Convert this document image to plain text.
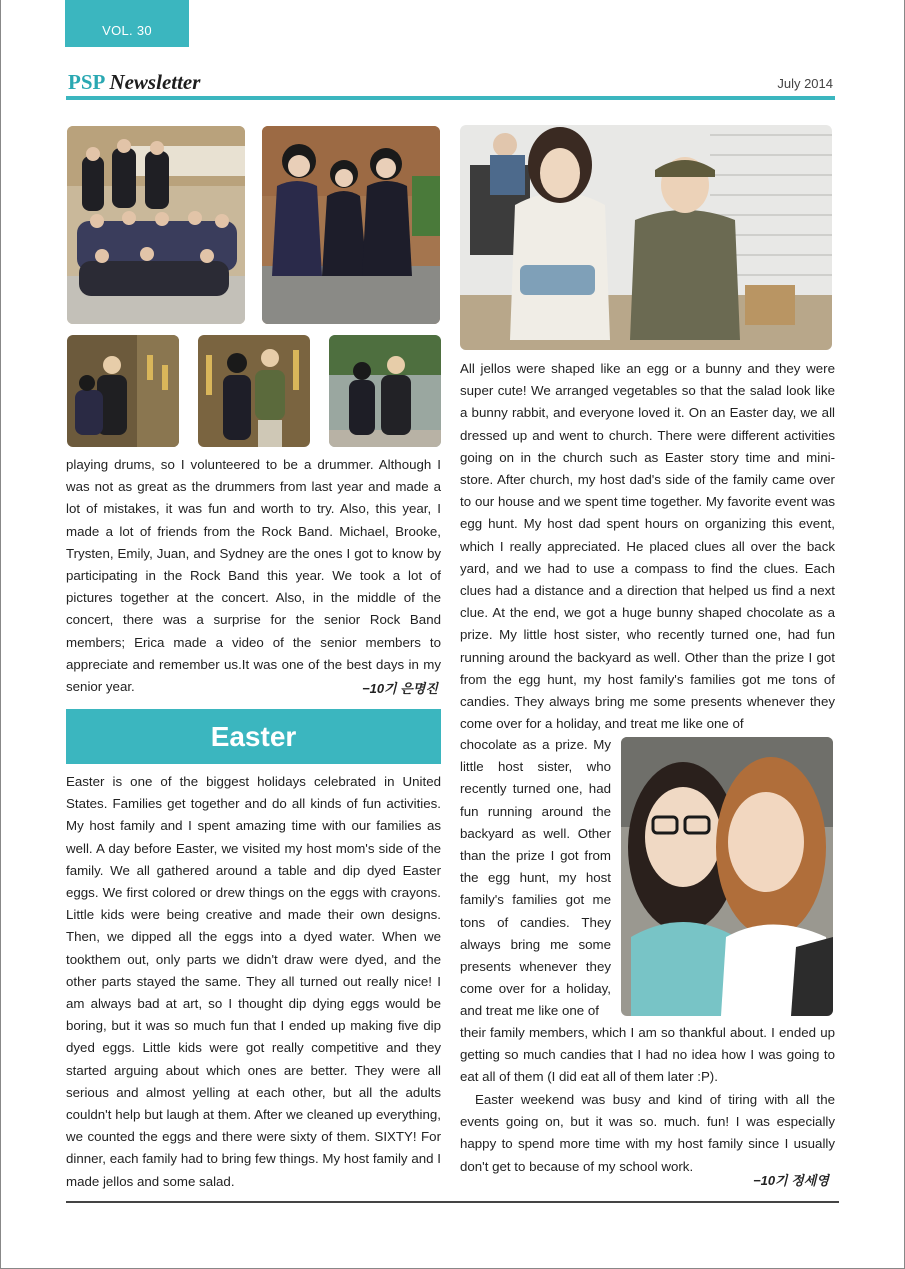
VOL. 30
PSP Newsletter	July 2014
playing drums, so I volunteered to be a drummer. Although I was not as great as the drummers from last year and made a lot of mistakes, it was fun and worth to try. Also, this year, I made a lot of friends from the Rock Band. Michael, Brooke, Trysten, Emily, Juan, and Sydney are the ones I got to know by participating in the Rock Band this year. We took a lot of pictures together at the concert. Also, in the middle of the concert, there was a surprise for the senior Rock Band members; Erica made a video of the senior members to appreciate and remember us.It was one of the best days in my senior year.	−10기 은명진
Easter
Easter is one of the biggest holidays celebrated in United States. Families get together and do all kinds of fun activities. My host family and I spent amazing time with our families as well. A day before Easter, we visited my host mom's side of the family. We all gathered around a table and dip dyed Easter eggs. We first colored or drew things on the eggs with crayons. Little kids were being creative and made their own designs. Then, we dipped all the eggs into a dyed water. When we tookthem out, only parts we didn't draw were dyed, and the other parts stayed the same. They all turned out really nice! I am always bad at art, so I thought dip dying eggs would be boring, but it was so much fun that I ended up making five dip dyed eggs. Little kids were got really competitive and they started arguing about which ones are better. They were all serious and almost yelling at each other, but all the adults couldn't help but laugh at them. After we cleaned up everything, we counted the eggs and there were sixty of them. SIXTY! For dinner, each family had to bring few things. My host family and I made jellos and some salad.
All jellos were shaped like an egg or a bunny and they were super cute! We arranged vegetables so that the salad look like a bunny rabbit, and everyone loved it. On an Easter day, we all dressed up and went to church. There were different activities going on in the church such as Easter story time and mini-store. After church, my host dad's side of the family came over to our house and we spent time together. My favorite event was egg hunt. My host dad spent hours on organizing this event, which I really appreciated. He placed clues all over the back yard, and we had to use a compass to find the clues. Each clues had a distance and a direction that helped us find a next clue. At the end, we got a huge bunny shaped chocolate as a prize. My little host sister, who recently turned one, had fun running around the backyard as well. Other than the prize I got from the egg hunt, my host family's families got me tons of candies. They always bring me some presents whenever they come over for a holiday, and treat me like one of
chocolate as a prize. My little host sister, who recently turned one, had fun running around the backyard as well. Other than the prize I got from the egg hunt, my host family's families got me tons of candies. They always bring me some presents whenever they come over for a holiday, and treat me like one of
their family members, which I am so thankful about. I ended up getting so much candies that I had no idea how I was going to eat all of them (I did eat all of them later :P).
Easter weekend was busy and kind of tiring with all the events going on, but it was so. much. fun! I was especially happy to spend more time with my host family since I usually don't get to because of my school work.
−10기 정세영
